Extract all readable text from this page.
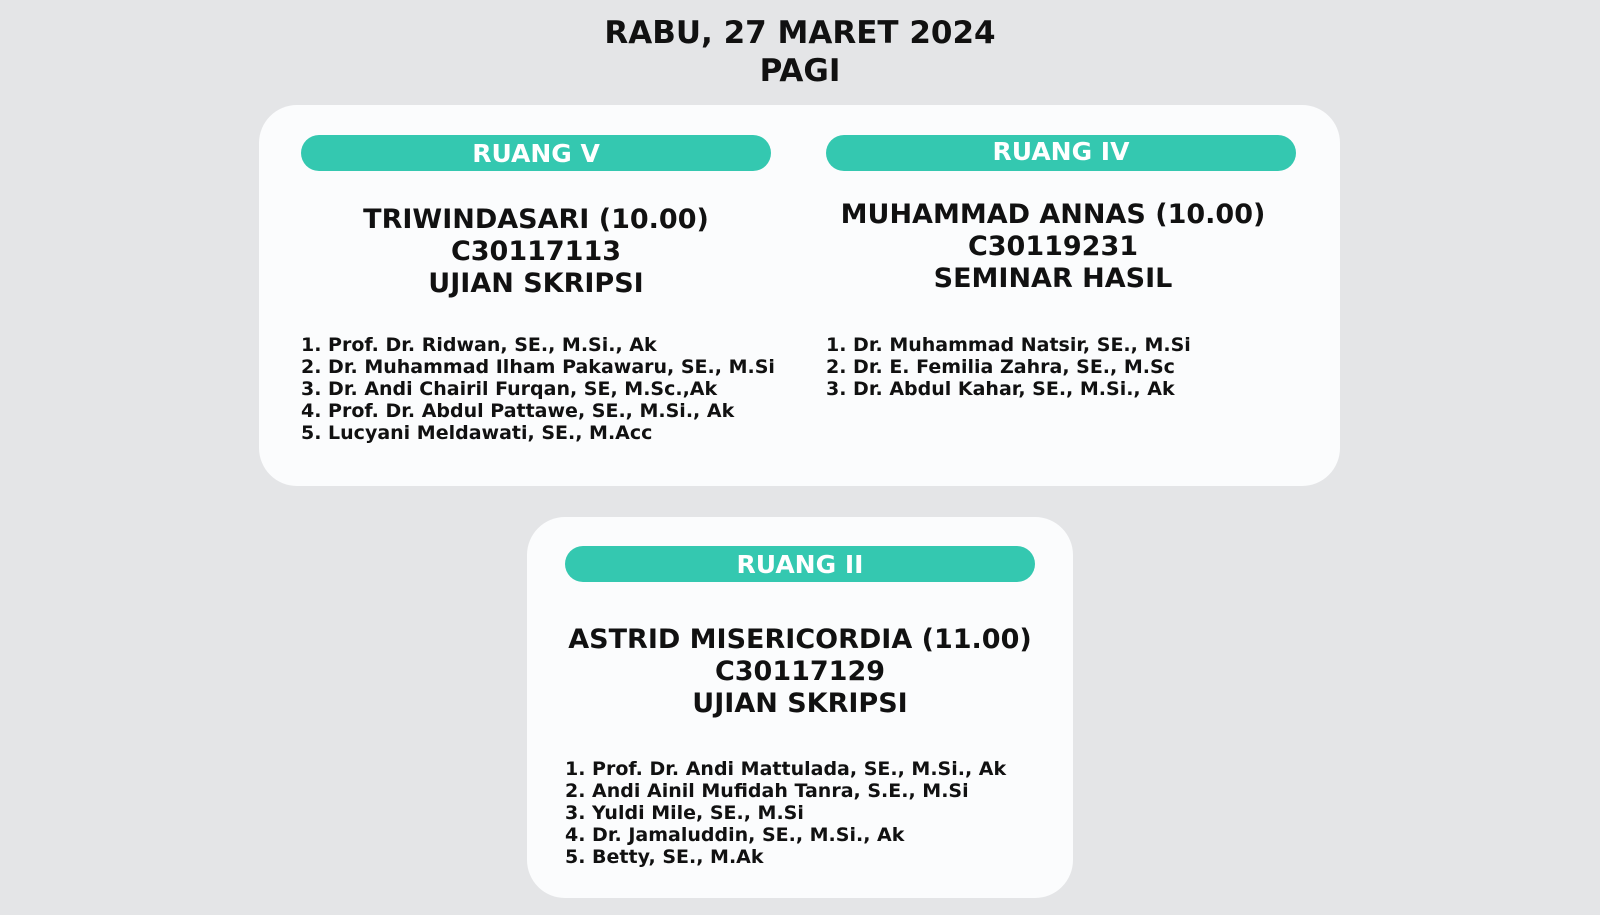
RABU, 27 MARET 2024
PAGI
RUANG V
TRIWINDASARI (10.00)
C30117113
UJIAN SKRIPSI
1. Prof. Dr. Ridwan, SE., M.Si., Ak
2. Dr. Muhammad Ilham Pakawaru, SE., M.Si
3. Dr. Andi Chairil Furqan, SE, M.Sc.,Ak
4. Prof. Dr. Abdul Pattawe, SE., M.Si., Ak
5. Lucyani Meldawati, SE., M.Acc
RUANG IV
MUHAMMAD ANNAS (10.00)
C30119231
SEMINAR HASIL
1. Dr. Muhammad Natsir, SE., M.Si
2. Dr. E. Femilia Zahra, SE., M.Sc
3. Dr. Abdul Kahar, SE., M.Si., Ak
RUANG II
ASTRID MISERICORDIA (11.00)
C30117129
UJIAN SKRIPSI
1. Prof. Dr. Andi Mattulada, SE., M.Si., Ak
2. Andi Ainil Mufidah Tanra, S.E., M.Si
3. Yuldi Mile, SE., M.Si
4. Dr. Jamaluddin, SE., M.Si., Ak
5. Betty, SE., M.Ak
